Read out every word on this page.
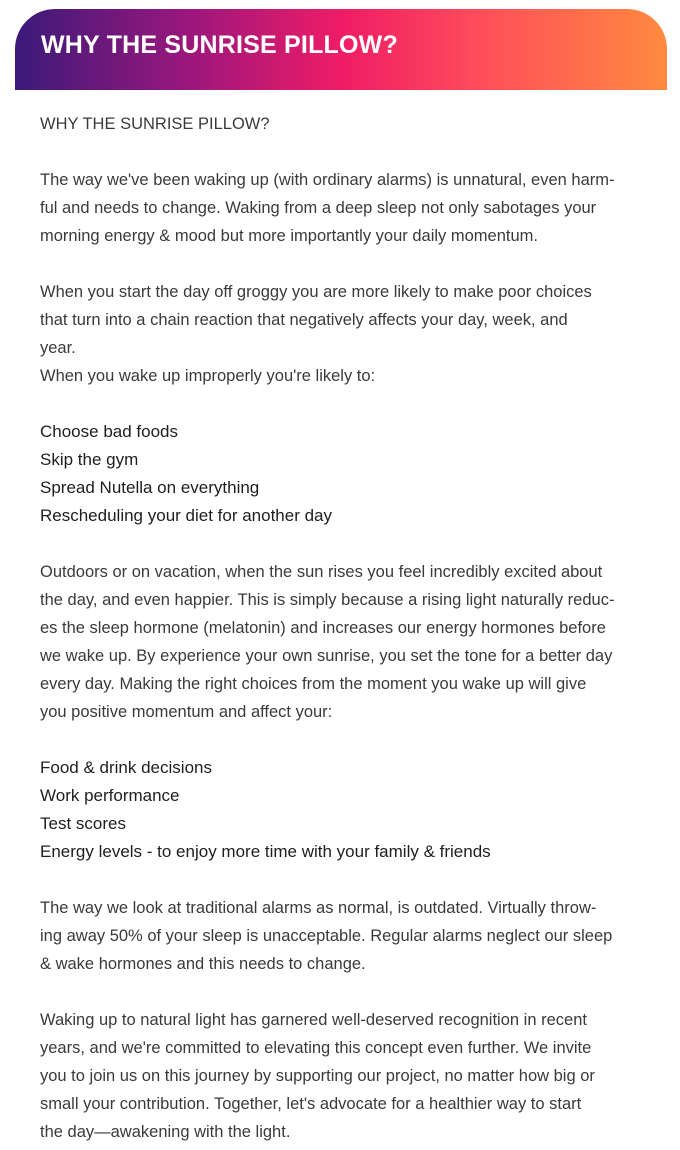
WHY THE SUNRISE PILLOW?

WHY THE SUNRISE PILLOW?

The way we've been waking up (with ordinary alarms) is unnatural, even harm-

ful and needs to change. Waking from a deep sleep not only sabotages your

morning energy & mood but more importantly your daily momentum.

When you start the day off groggy you are more likely to make poor choices

that turn into a chain reaction that negatively affects your day, week, and

year.

When you wake up improperly you're likely to:

Choose bad foods

Skip the gym

Spread Nutella on everything

Rescheduling your diet for another day

Outdoors or on vacation, when the sun rises you feel incredibly excited about

the day, and even happier. This is simply because a rising light naturally reduc-

es the sleep hormone (melatonin) and increases our energy hormones before

we wake up. By experience your own sunrise, you set the tone for a better day

every day. Making the right choices from the moment you wake up will give

you positive momentum and affect your:

Food & drink decisions

Work performance

Test scores

Energy levels - to enjoy more time with your family & friends

The way we look at traditional alarms as normal, is outdated. Virtually throw-

ing away 50% of your sleep is unacceptable. Regular alarms neglect our sleep

& wake hormones and this needs to change.

Waking up to natural light has garnered well-deserved recognition in recent

years, and we're committed to elevating this concept even further. We invite

you to join us on this journey by supporting our project, no matter how big or

small your contribution. Together, let's advocate for a healthier way to start

the day—awakening with the light.
